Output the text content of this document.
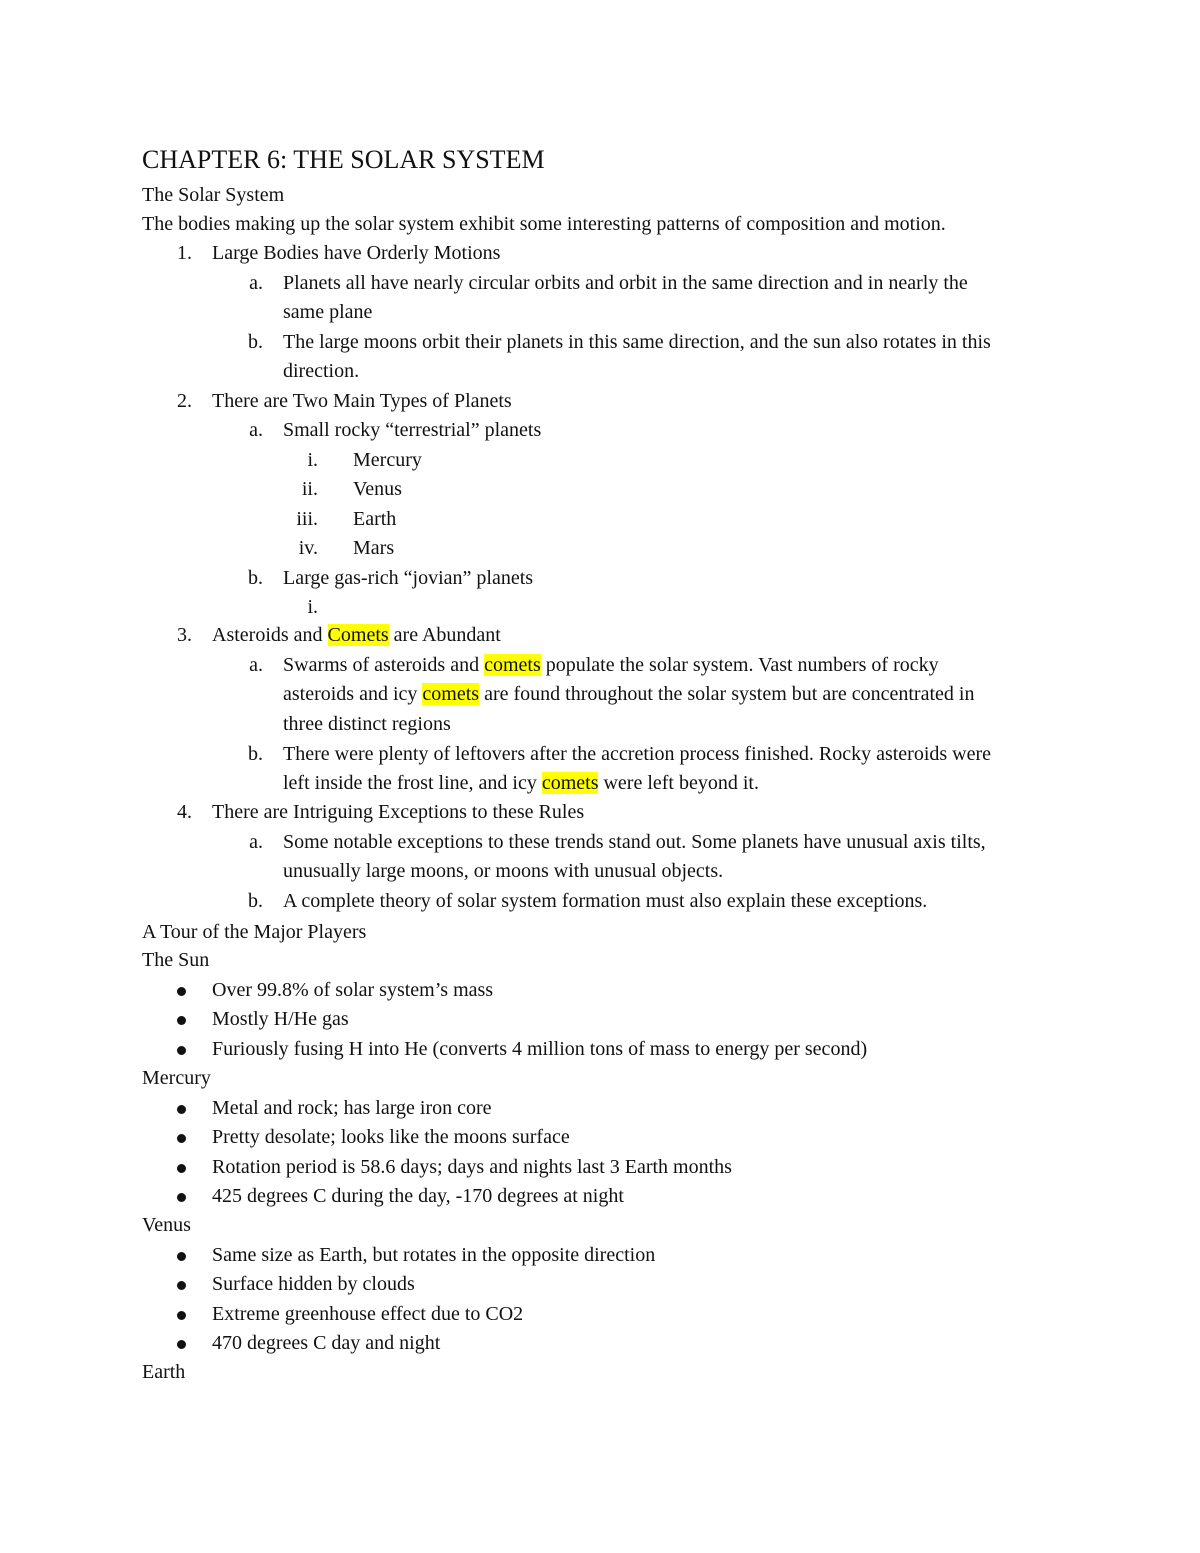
CHAPTER 6: THE SOLAR SYSTEM
The Solar System
The bodies making up the solar system exhibit some interesting patterns of composition and motion.
1. Large Bodies have Orderly Motions
a. Planets all have nearly circular orbits and orbit in the same direction and in nearly the
same plane
b. The large moons orbit their planets in this same direction, and the sun also rotates in this
direction.
2. There are Two Main Types of Planets
a. Small rocky “terrestrial” planets
i. Mercury
ii. Venus
iii. Earth
iv. Mars
b. Large gas-rich “jovian” planets
i.
3. Asteroids and Comets are Abundant
a. Swarms of asteroids and comets populate the solar system. Vast numbers of rocky
asteroids and icy comets are found throughout the solar system but are concentrated in
three distinct regions
b. There were plenty of leftovers after the accretion process finished. Rocky asteroids were
left inside the frost line, and icy comets were left beyond it.
4. There are Intriguing Exceptions to these Rules
a. Some notable exceptions to these trends stand out. Some planets have unusual axis tilts,
unusually large moons, or moons with unusual objects.
b. A complete theory of solar system formation must also explain these exceptions.
A Tour of the Major Players
The Sun
Over 99.8% of solar system’s mass
Mostly H/He gas
Furiously fusing H into He (converts 4 million tons of mass to energy per second)
Mercury
Metal and rock; has large iron core
Pretty desolate; looks like the moons surface
Rotation period is 58.6 days; days and nights last 3 Earth months
425 degrees C during the day, -170 degrees at night
Venus
Same size as Earth, but rotates in the opposite direction
Surface hidden by clouds
Extreme greenhouse effect due to CO2
470 degrees C day and night
Earth
